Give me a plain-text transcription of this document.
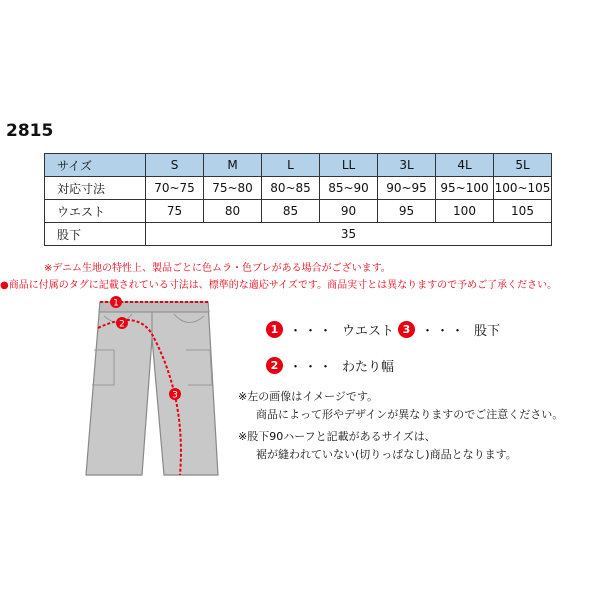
2815
サイズ	S	M	L	LL	3L	4L	5L
対応寸法	70~75	75~80	80~85	85~90	90~95	95~100	100~105
ウエスト	75	80	85	90	95	100	105
股下	35						
※デニム生地の特性上、製品ごとに色ムラ・色ブレがある場合がございます。
●商品に付属のタグに記載されている寸法は、標準的な適応サイズです。商品実寸とは異なりますので予めご了承ください。
1
2
3
1 ・・・ ウエスト 3 ・・・ 股下
2 ・・・ わたり幅
※左の画像はイメージです。
商品によって形やデザインが異なりますのでご注意ください。
※股下90ハーフと記載があるサイズは、
裾が縫われていない(切りっぱなし)商品となります。
